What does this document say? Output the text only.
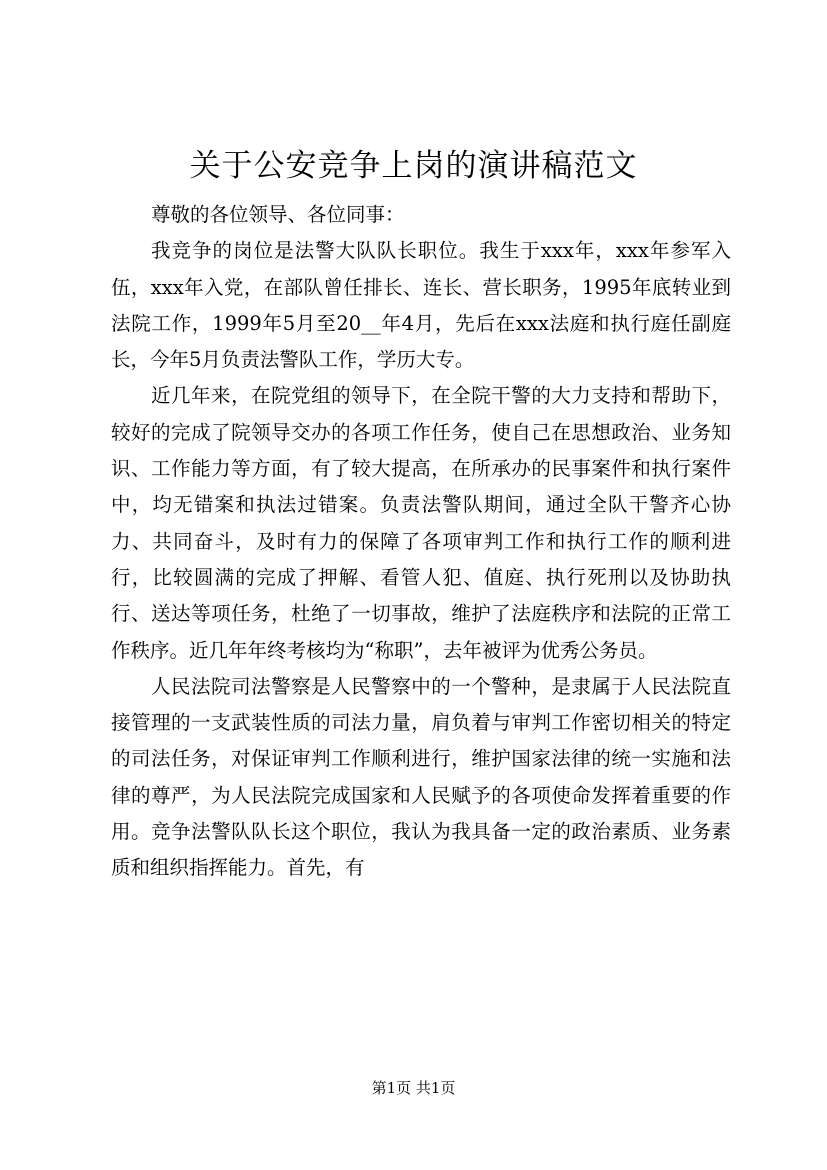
关于公安竞争上岗的演讲稿范文

尊敬的各位领导、各位同事：

我竞争的岗位是法警大队队长职位。我生于xxx年，xxx年参军入伍，xxx年入党，在部队曾任排长、连长、营长职务，1995年底转业到法院工作，1999年5月至20__年4月，先后在xxx法庭和执行庭任副庭长，今年5月负责法警队工作，学历大专。

近几年来，在院党组的领导下，在全院干警的大力支持和帮助下，较好的完成了院领导交办的各项工作任务，使自己在思想政治、业务知识、工作能力等方面，有了较大提高，在所承办的民事案件和执行案件中，均无错案和执法过错案。负责法警队期间，通过全队干警齐心协力、共同奋斗，及时有力的保障了各项审判工作和执行工作的顺利进行，比较圆满的完成了押解、看管人犯、值庭、执行死刑以及协助执行、送达等项任务，杜绝了一切事故，维护了法庭秩序和法院的正常工作秩序。近几年年终考核均为“称职”，去年被评为优秀公务员。

人民法院司法警察是人民警察中的一个警种，是隶属于人民法院直接管理的一支武装性质的司法力量，肩负着与审判工作密切相关的特定的司法任务，对保证审判工作顺利进行，维护国家法律的统一实施和法律的尊严，为人民法院完成国家和人民赋予的各项使命发挥着重要的作用。竞争法警队队长这个职位，我认为我具备一定的政治素质、业务素质和组织指挥能力。首先，有

第1页 共1页
